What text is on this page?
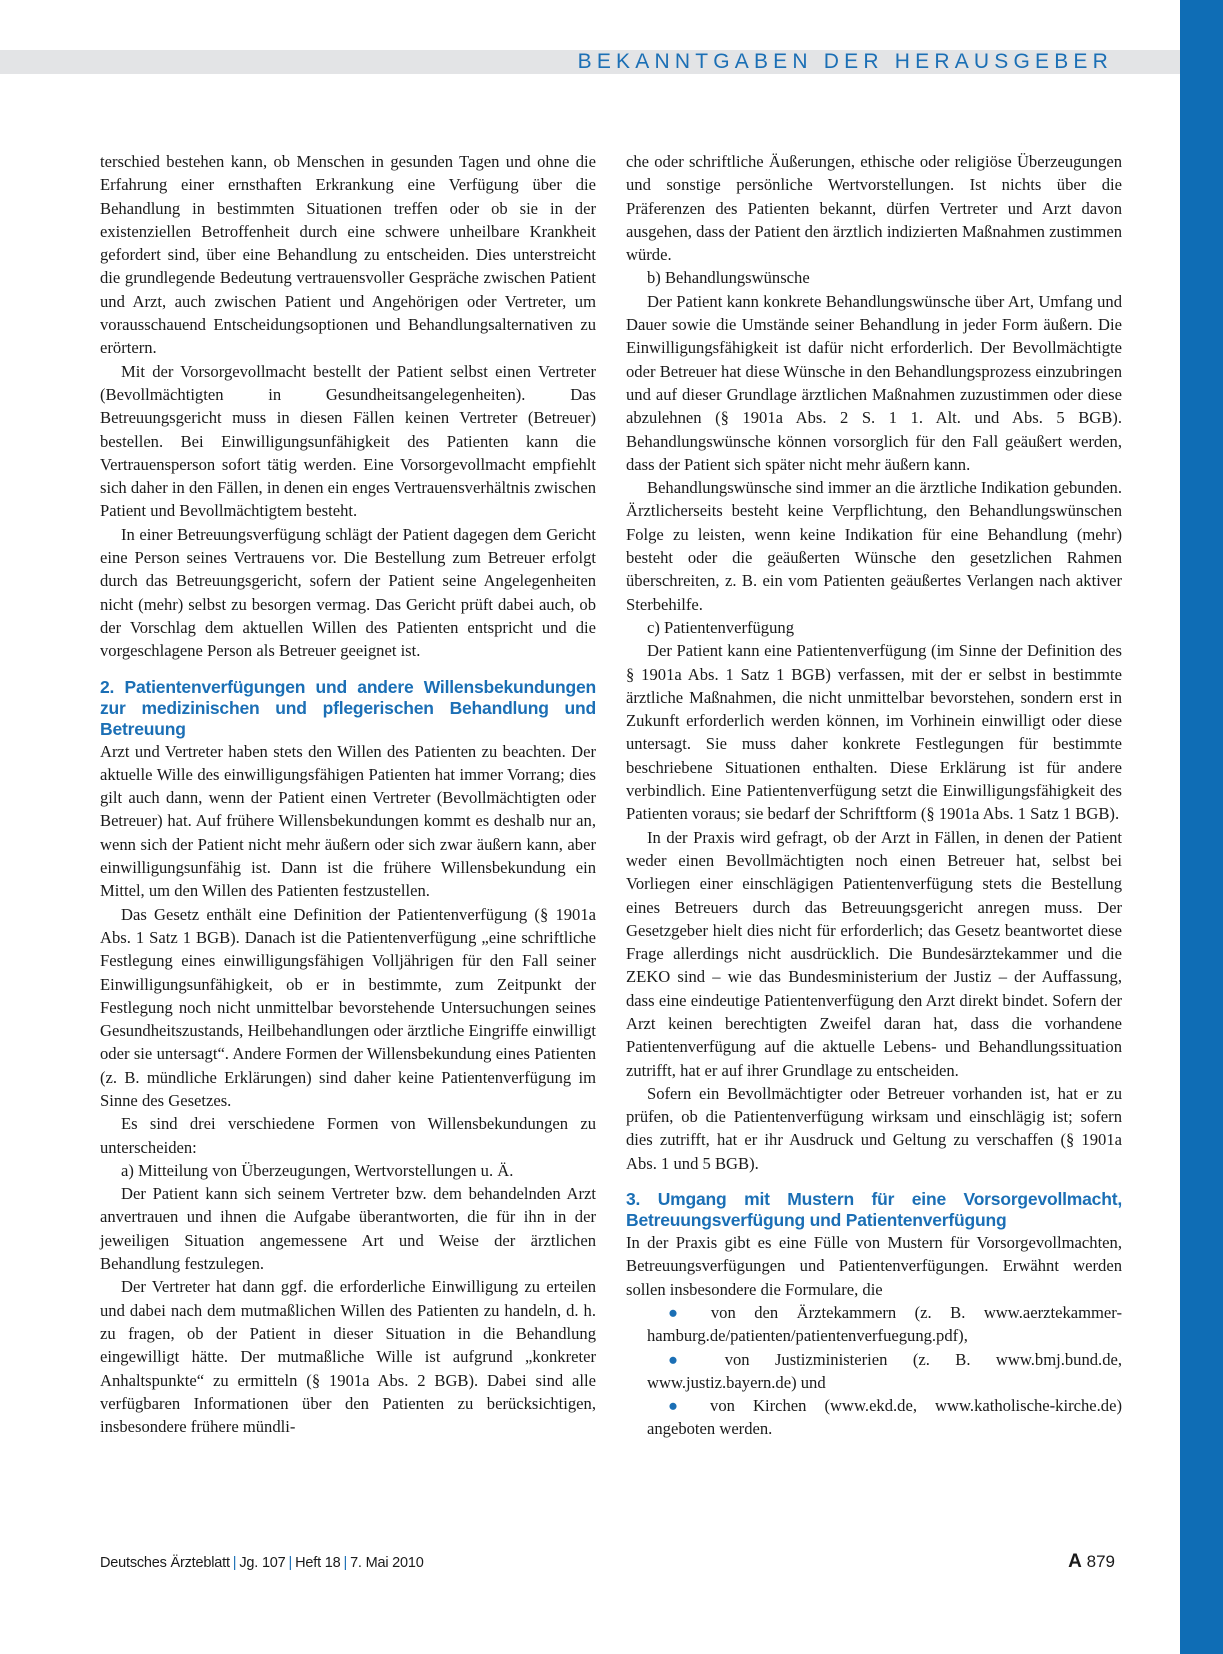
BEKANNTGABEN DER HERAUSGEBER

terschied bestehen kann, ob Menschen in gesunden Tagen und ohne die Erfahrung einer ernsthaften Erkrankung eine Verfügung über die Behandlung in bestimmten Situationen treffen oder ob sie in der existenziellen Betroffenheit durch eine schwere unheilbare Krankheit gefordert sind, über eine Behandlung zu entscheiden. Dies unterstreicht die grundlegende Bedeutung vertrauensvoller Gespräche zwischen Patient und Arzt, auch zwischen Patient und Angehörigen oder Vertreter, um vorausschauend Entscheidungsoptionen und Behandlungsalternativen zu erörtern.

Mit der Vorsorgevollmacht bestellt der Patient selbst einen Vertreter (Bevollmächtigten in Gesundheitsangelegenheiten). Das Betreuungsgericht muss in diesen Fällen keinen Vertreter (Betreuer) bestellen. Bei Einwilligungsunfähigkeit des Patienten kann die Vertrauensperson sofort tätig werden. Eine Vorsorgevollmacht empfiehlt sich daher in den Fällen, in denen ein enges Vertrauensverhältnis zwischen Patient und Bevollmächtigtem besteht.

In einer Betreuungsverfügung schlägt der Patient dagegen dem Gericht eine Person seines Vertrauens vor. Die Bestellung zum Betreuer erfolgt durch das Betreuungsgericht, sofern der Patient seine Angelegenheiten nicht (mehr) selbst zu besorgen vermag. Das Gericht prüft dabei auch, ob der Vorschlag dem aktuellen Willen des Patienten entspricht und die vorgeschlagene Person als Betreuer geeignet ist.

2. Patientenverfügungen und andere Willensbekundungen zur medizinischen und pflegerischen Behandlung und Betreuung

Arzt und Vertreter haben stets den Willen des Patienten zu beachten. Der aktuelle Wille des einwilligungsfähigen Patienten hat immer Vorrang; dies gilt auch dann, wenn der Patient einen Vertreter (Bevollmächtigten oder Betreuer) hat. Auf frühere Willensbekundungen kommt es deshalb nur an, wenn sich der Patient nicht mehr äußern oder sich zwar äußern kann, aber einwilligungsunfähig ist. Dann ist die frühere Willensbekundung ein Mittel, um den Willen des Patienten festzustellen.

Das Gesetz enthält eine Definition der Patientenverfügung (§ 1901a Abs. 1 Satz 1 BGB). Danach ist die Patientenverfügung „eine schriftliche Festlegung eines einwilligungsfähigen Volljährigen für den Fall seiner Einwilligungsunfähigkeit, ob er in bestimmte, zum Zeitpunkt der Festlegung noch nicht unmittelbar bevorstehende Untersuchungen seines Gesundheitszustands, Heilbehandlungen oder ärztliche Eingriffe einwilligt oder sie untersagt“. Andere Formen der Willensbekundung eines Patienten (z. B. mündliche Erklärungen) sind daher keine Patientenverfügung im Sinne des Gesetzes.

Es sind drei verschiedene Formen von Willensbekundungen zu unterscheiden:

a) Mitteilung von Überzeugungen, Wertvorstellungen u. Ä.

Der Patient kann sich seinem Vertreter bzw. dem behandelnden Arzt anvertrauen und ihnen die Aufgabe überantworten, die für ihn in der jeweiligen Situation angemessene Art und Weise der ärztlichen Behandlung festzulegen.

Der Vertreter hat dann ggf. die erforderliche Einwilligung zu erteilen und dabei nach dem mutmaßlichen Willen des Patienten zu handeln, d. h. zu fragen, ob der Patient in dieser Situation in die Behandlung eingewilligt hätte. Der mutmaßliche Wille ist aufgrund „konkreter Anhaltspunkte“ zu ermitteln (§ 1901a Abs. 2 BGB). Dabei sind alle verfügbaren Informationen über den Patienten zu berücksichtigen, insbesondere frühere mündli-

che oder schriftliche Äußerungen, ethische oder religiöse Überzeugungen und sonstige persönliche Wertvorstellungen. Ist nichts über die Präferenzen des Patienten bekannt, dürfen Vertreter und Arzt davon ausgehen, dass der Patient den ärztlich indizierten Maßnahmen zustimmen würde.

b) Behandlungswünsche

Der Patient kann konkrete Behandlungswünsche über Art, Umfang und Dauer sowie die Umstände seiner Behandlung in jeder Form äußern. Die Einwilligungsfähigkeit ist dafür nicht erforderlich. Der Bevollmächtigte oder Betreuer hat diese Wünsche in den Behandlungsprozess einzubringen und auf dieser Grundlage ärztlichen Maßnahmen zuzustimmen oder diese abzulehnen (§ 1901a Abs. 2 S. 1 1. Alt. und Abs. 5 BGB). Behandlungswünsche können vorsorglich für den Fall geäußert werden, dass der Patient sich später nicht mehr äußern kann.

Behandlungswünsche sind immer an die ärztliche Indikation gebunden. Ärztlicherseits besteht keine Verpflichtung, den Behandlungswünschen Folge zu leisten, wenn keine Indikation für eine Behandlung (mehr) besteht oder die geäußerten Wünsche den gesetzlichen Rahmen überschreiten, z. B. ein vom Patienten geäußertes Verlangen nach aktiver Sterbehilfe.

c) Patientenverfügung

Der Patient kann eine Patientenverfügung (im Sinne der Definition des § 1901a Abs. 1 Satz 1 BGB) verfassen, mit der er selbst in bestimmte ärztliche Maßnahmen, die nicht unmittelbar bevorstehen, sondern erst in Zukunft erforderlich werden können, im Vorhinein einwilligt oder diese untersagt. Sie muss daher konkrete Festlegungen für bestimmte beschriebene Situationen enthalten. Diese Erklärung ist für andere verbindlich. Eine Patientenverfügung setzt die Einwilligungsfähigkeit des Patienten voraus; sie bedarf der Schriftform (§ 1901a Abs. 1 Satz 1 BGB).

In der Praxis wird gefragt, ob der Arzt in Fällen, in denen der Patient weder einen Bevollmächtigten noch einen Betreuer hat, selbst bei Vorliegen einer einschlägigen Patientenverfügung stets die Bestellung eines Betreuers durch das Betreuungsgericht anregen muss. Der Gesetzgeber hielt dies nicht für erforderlich; das Gesetz beantwortet diese Frage allerdings nicht ausdrücklich. Die Bundesärztekammer und die ZEKO sind – wie das Bundesministerium der Justiz – der Auffassung, dass eine eindeutige Patientenverfügung den Arzt direkt bindet. Sofern der Arzt keinen berechtigten Zweifel daran hat, dass die vorhandene Patientenverfügung auf die aktuelle Lebens- und Behandlungssituation zutrifft, hat er auf ihrer Grundlage zu entscheiden.

Sofern ein Bevollmächtigter oder Betreuer vorhanden ist, hat er zu prüfen, ob die Patientenverfügung wirksam und einschlägig ist; sofern dies zutrifft, hat er ihr Ausdruck und Geltung zu verschaffen (§ 1901a Abs. 1 und 5 BGB).

3. Umgang mit Mustern für eine Vorsorgevollmacht, Betreuungsverfügung und Patientenverfügung

In der Praxis gibt es eine Fülle von Mustern für Vorsorgevollmachten, Betreuungsverfügungen und Patientenverfügungen. Erwähnt werden sollen insbesondere die Formulare, die

● von den Ärztekammern (z. B. www.aerztekammer-hamburg.de/patienten/patientenverfuegung.pdf),

● von Justizministerien (z. B. www.bmj.bund.de, www.justiz.bayern.de) und

● von Kirchen (www.ekd.de, www.katholische-kirche.de) angeboten werden.

Deutsches Ärzteblatt | Jg. 107 | Heft 18 | 7. Mai 2010	A 879
